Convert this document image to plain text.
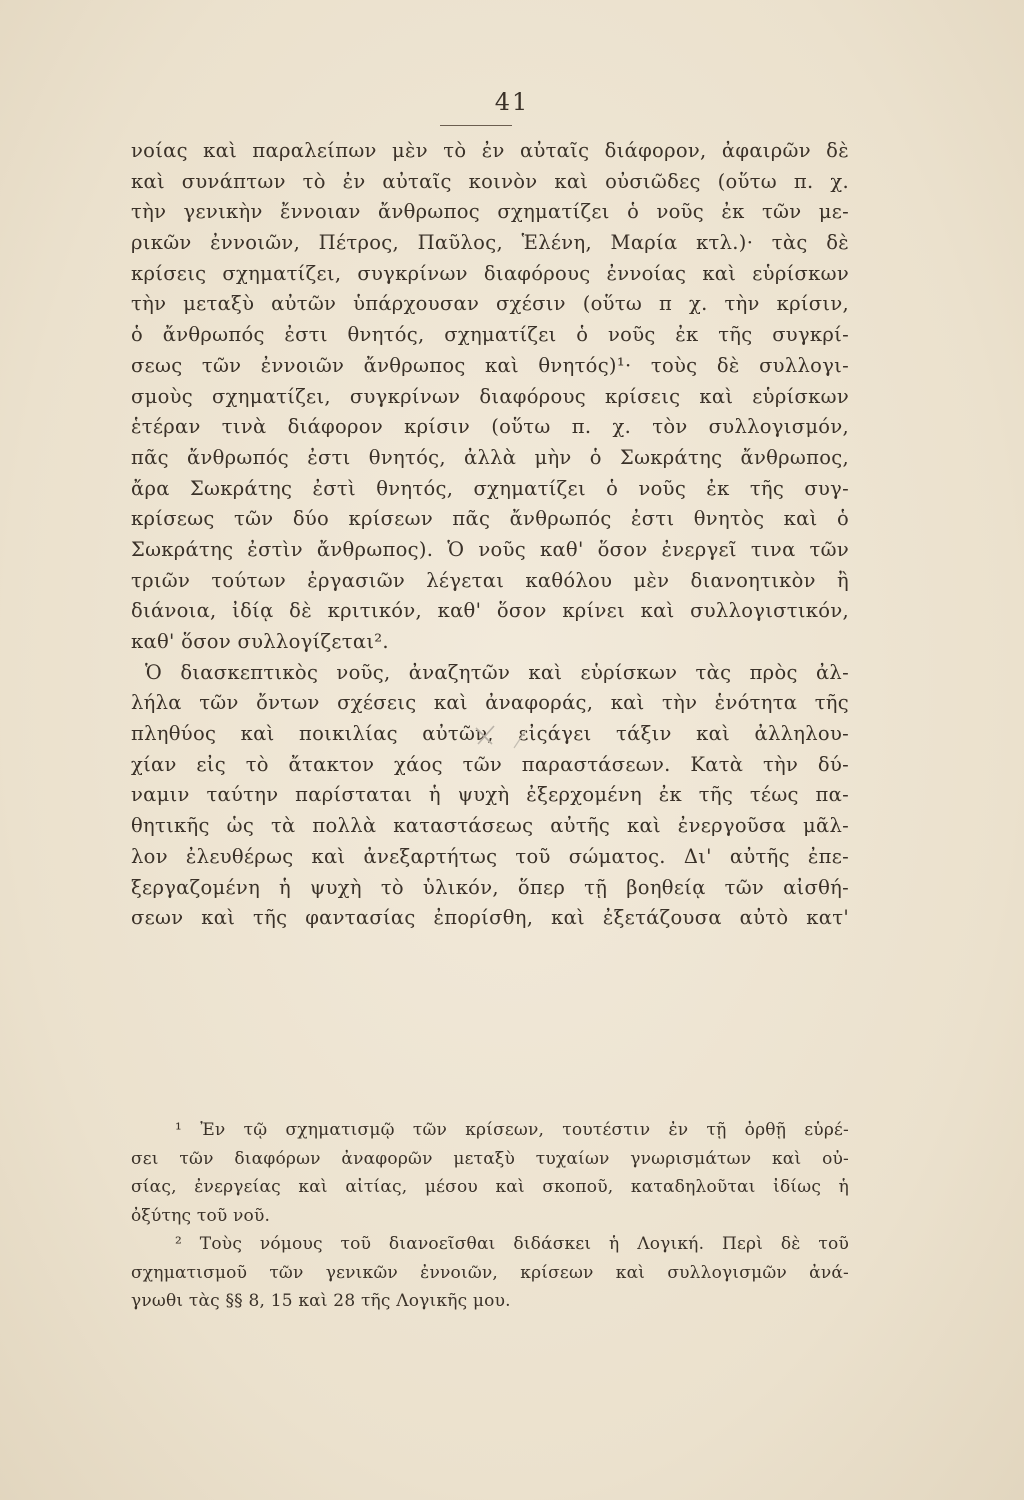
41
νοίας καὶ παραλείπων μὲν τὸ ἐν αὐταῖς διάφορον, ἀφαιρῶν δὲ
καὶ συνάπτων τὸ ἐν αὐταῖς κοινὸν καὶ οὐσιῶδες (οὕτω π. χ.
τὴν γενικὴν ἔννοιαν ἄνθρωπος σχηματίζει ὁ νοῦς ἐκ τῶν με-
ρικῶν ἐννοιῶν, Πέτρος, Παῦλος, Ἑλένη, Μαρία κτλ.)· τὰς δὲ
κρίσεις σχηματίζει, συγκρίνων διαφόρους ἐννοίας καὶ εὑρίσκων
τὴν μεταξὺ αὐτῶν ὑπάρχουσαν σχέσιν (οὕτω π χ. τὴν κρίσιν,
ὁ ἄνθρωπός ἐστι θνητός, σχηματίζει ὁ νοῦς ἐκ τῆς συγκρί-
σεως τῶν ἐννοιῶν ἄνθρωπος καὶ θνητός)¹· τοὺς δὲ συλλογι-
σμοὺς σχηματίζει, συγκρίνων διαφόρους κρίσεις καὶ εὑρίσκων
ἑτέραν τινὰ διάφορον κρίσιν (οὕτω π. χ. τὸν συλλογισμόν,
πᾶς ἄνθρωπός ἐστι θνητός, ἀλλὰ μὴν ὁ Σωκράτης ἄνθρωπος,
ἄρα Σωκράτης ἐστὶ θνητός, σχηματίζει ὁ νοῦς ἐκ τῆς συγ-
κρίσεως τῶν δύο κρίσεων πᾶς ἄνθρωπός ἐστι θνητὸς καὶ ὁ
Σωκράτης ἐστὶν ἄνθρωπος). Ὁ νοῦς καθ' ὅσον ἐνεργεῖ τινα τῶν
τριῶν τούτων ἐργασιῶν λέγεται καθόλου μὲν διανοητικὸν ἢ
διάνοια, ἰδίᾳ δὲ κριτικόν, καθ' ὅσον κρίνει καὶ συλλογιστικόν,
καθ' ὅσον συλλογίζεται².
Ὁ διασκεπτικὸς νοῦς, ἀναζητῶν καὶ εὑρίσκων τὰς πρὸς ἀλ-
λήλα τῶν ὄντων σχέσεις καὶ ἀναφοράς, καὶ τὴν ἑνότητα τῆς
πληθύος καὶ ποικιλίας αὐτῶν, εἰςάγει τάξιν καὶ ἀλληλου-
χίαν εἰς τὸ ἄτακτον χάος τῶν παραστάσεων. Κατὰ τὴν δύ-
ναμιν ταύτην παρίσταται ἡ ψυχὴ ἐξερχομένη ἐκ τῆς τέως πα-
θητικῆς ὡς τὰ πολλὰ καταστάσεως αὐτῆς καὶ ἐνεργοῦσα μᾶλ-
λον ἐλευθέρως καὶ ἀνεξαρτήτως τοῦ σώματος. Δι' αὐτῆς ἐπε-
ξεργαζομένη ἡ ψυχὴ τὸ ὑλικόν, ὅπερ τῇ βοηθείᾳ τῶν αἰσθή-
σεων καὶ τῆς φαντασίας ἐπορίσθη, καὶ ἐξετάζουσα αὐτὸ κατ'
¹ Ἐν τῷ σχηματισμῷ τῶν κρίσεων, τουτέστιν ἐν τῇ ὀρθῇ εὑρέ-
σει τῶν διαφόρων ἀναφορῶν μεταξὺ τυχαίων γνωρισμάτων καὶ οὐ-
σίας, ἐνεργείας καὶ αἰτίας, μέσου καὶ σκοποῦ, καταδηλοῦται ἰδίως ἡ
ὀξύτης τοῦ νοῦ.
² Τοὺς νόμους τοῦ διανοεῖσθαι διδάσκει ἡ Λογική. Περὶ δὲ τοῦ
σχηματισμοῦ τῶν γενικῶν ἐννοιῶν, κρίσεων καὶ συλλογισμῶν ἀνά-
γνωθι τὰς §§ 8, 15 καὶ 28 τῆς Λογικῆς μου.
